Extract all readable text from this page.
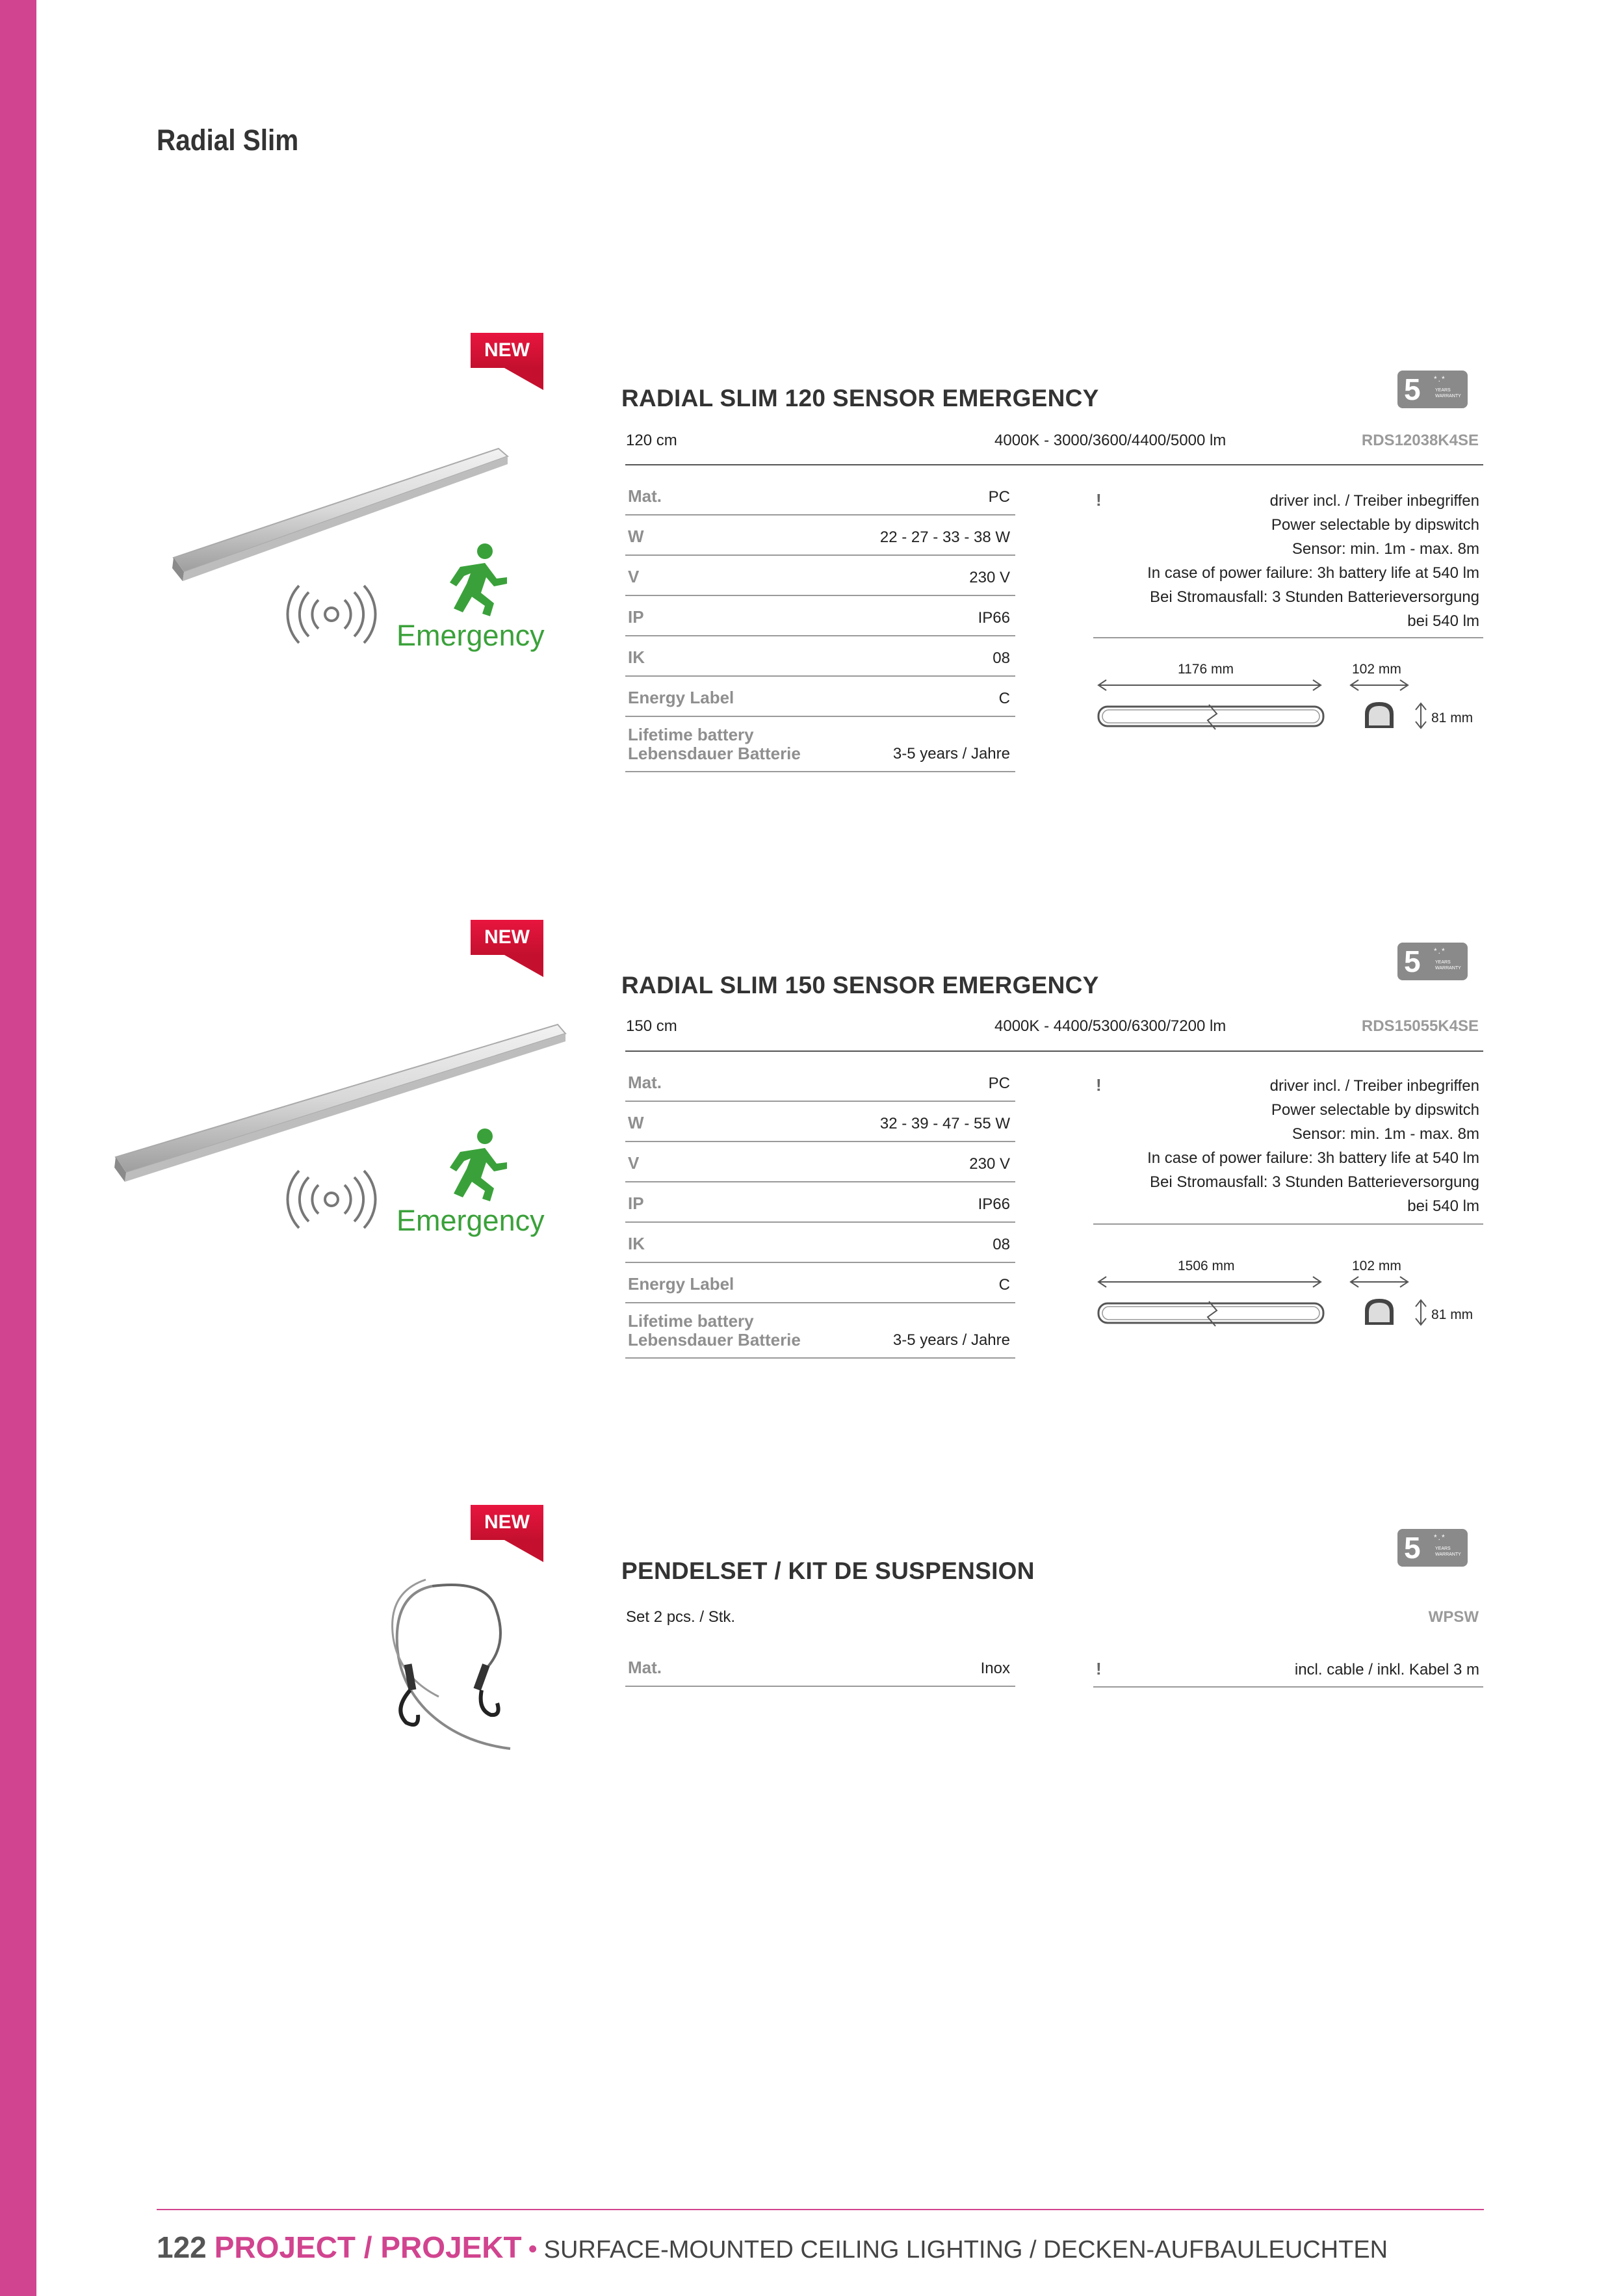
Radial Slim
NEW
Emergency
RADIAL SLIM 120 SENSOR EMERGENCY	5 *.*
YEARS
WARRANTY
120 cm	4000K - 3000/3600/4400/5000 lm	RDS12038K4SE
Mat.	PC
W	22 - 27 - 33 - 38 W
V	230 V
IP	IP66
IK	08
Energy Label	C
Lifetime battery
Lebensdauer Batterie	3-5 years / Jahre
!	driver incl. / Treiber inbegriffen
Power selectable by dipswitch
Sensor: min. 1m - max. 8m
In case of power failure: 3h battery life at 540 lm
Bei Stromausfall: 3 Stunden Batterieversorgung
bei 540 lm
1176 mm	102 mm
81 mm
NEW
Emergency
RADIAL SLIM 150 SENSOR EMERGENCY
5 *.*
YEARS
WARRANTY
150 cm	4000K - 4400/5300/6300/7200 lm	RDS15055K4SE
Mat.	PC
W	32 - 39 - 47 - 55 W
V	230 V
IP	IP66
IK	08
Energy Label	C
Lifetime battery
Lebensdauer Batterie	3-5 years / Jahre
!	driver incl. / Treiber inbegriffen
Power selectable by dipswitch
Sensor: min. 1m - max. 8m
In case of power failure: 3h battery life at 540 lm
Bei Stromausfall: 3 Stunden Batterieversorgung
bei 540 lm
1506 mm	102 mm
81 mm
NEW
PENDELSET / KIT DE SUSPENSION
5 *.*
YEARS
WARRANTY
Set 2 pcs. / Stk.	WPSW
Mat.	Inox	!	incl. cable / inkl. Kabel 3 m
122 PROJECT / PROJEKT • SURFACE-MOUNTED CEILING LIGHTING / DECKEN-AUFBAULEUCHTEN
